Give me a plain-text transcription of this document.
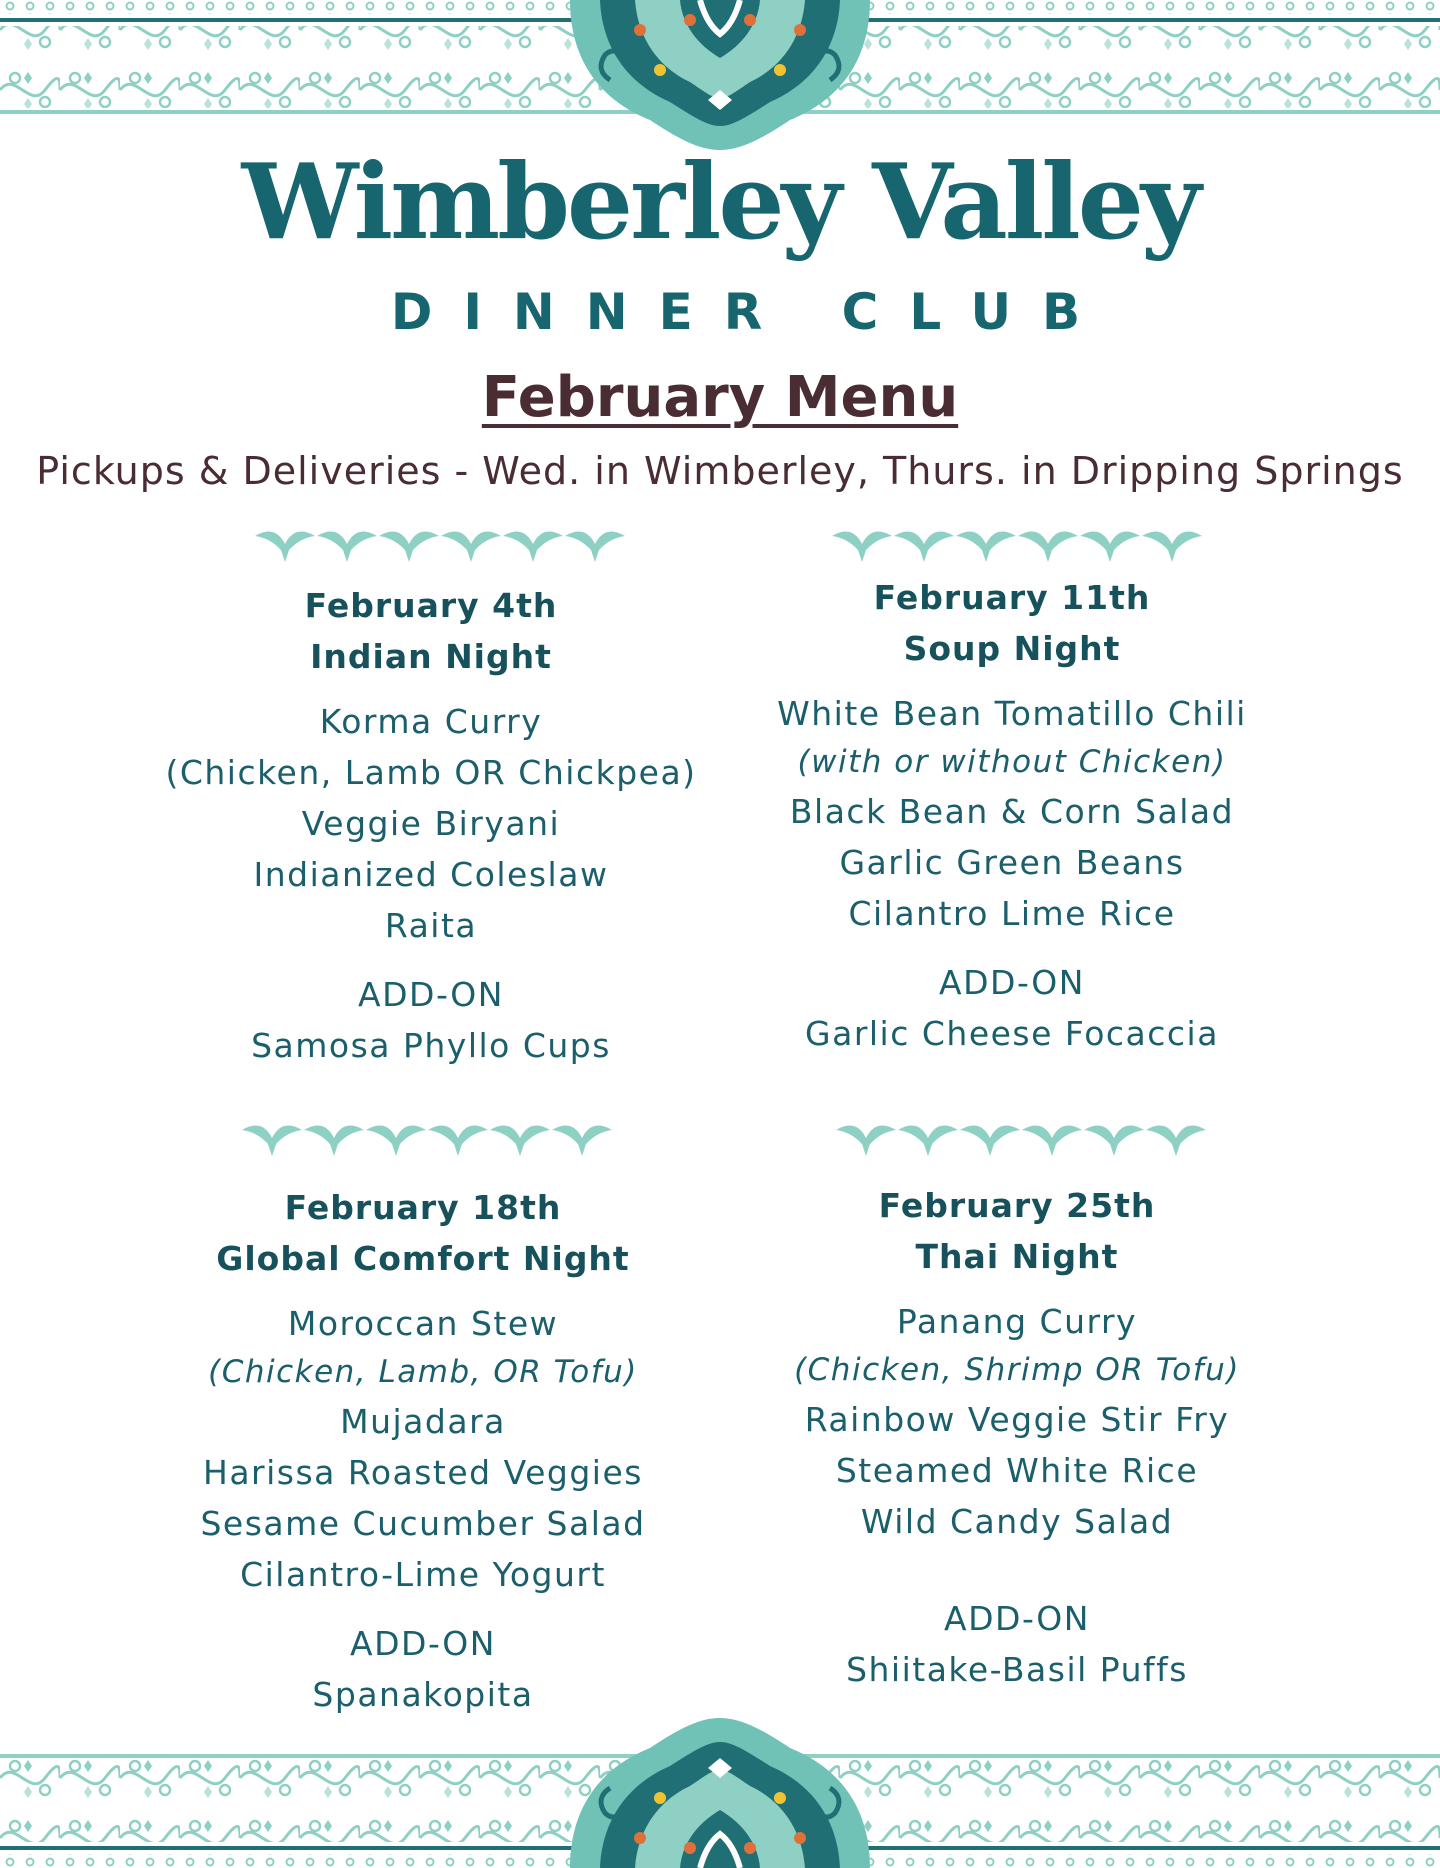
Wimberley Valley
DINNER CLUB
February Menu
Pickups & Deliveries - Wed. in Wimberley, Thurs. in Dripping Springs
February 4th
Indian Night
Korma Curry
(Chicken, Lamb OR Chickpea)
Veggie Biryani
Indianized Coleslaw
Raita
ADD-ON
Samosa Phyllo Cups
February 11th
Soup Night
White Bean Tomatillo Chili
(with or without Chicken)
Black Bean & Corn Salad
Garlic Green Beans
Cilantro Lime Rice
ADD-ON
Garlic Cheese Focaccia
February 18th
Global Comfort Night
Moroccan Stew
(Chicken, Lamb, OR Tofu)
Mujadara
Harissa Roasted Veggies
Sesame Cucumber Salad
Cilantro-Lime Yogurt
ADD-ON
Spanakopita
February 25th
Thai Night
Panang Curry
(Chicken, Shrimp OR Tofu)
Rainbow Veggie Stir Fry
Steamed White Rice
Wild Candy Salad
ADD-ON
Shiitake-Basil Puffs
